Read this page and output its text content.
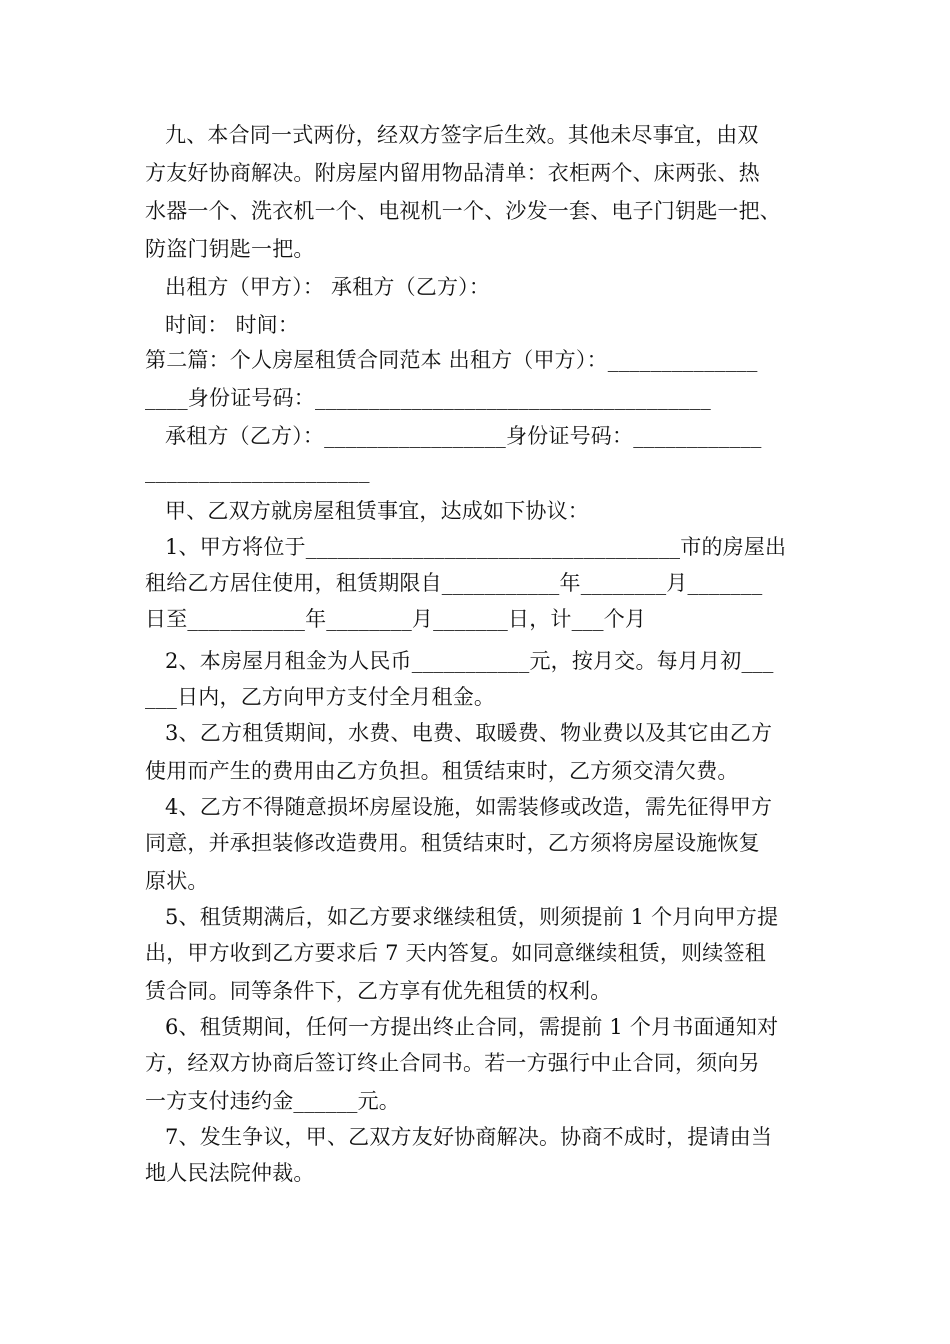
九、本合同一式两份，经双方签字后生效。其他未尽事宜，由双
方友好协商解决。附房屋内留用物品清单：衣柜两个、床两张、热
水器一个、洗衣机一个、电视机一个、沙发一套、电子门钥匙一把、
防盗门钥匙一把。
出租方（甲方）： 承租方（乙方）：
时间： 时间：
第二篇：个人房屋租赁合同范本 出租方（甲方）：______________
____身份证号码：_____________________________________
承租方（乙方）：_________________身份证号码：____________
_____________________
甲、乙双方就房屋租赁事宜，达成如下协议：
1、甲方将位于___________________________________市的房屋出
租给乙方居住使用，租赁期限自___________年________月_______
日至___________年________月_______日，计___个月
2、本房屋月租金为人民币___________元，按月交。每月月初___
___日内，乙方向甲方支付全月租金。
3、乙方租赁期间，水费、电费、取暖费、物业费以及其它由乙方
使用而产生的费用由乙方负担。租赁结束时，乙方须交清欠费。
4、乙方不得随意损坏房屋设施，如需装修或改造，需先征得甲方
同意，并承担装修改造费用。租赁结束时，乙方须将房屋设施恢复
原状。
5、租赁期满后，如乙方要求继续租赁，则须提前 1 个月向甲方提
出，甲方收到乙方要求后 7 天内答复。如同意继续租赁，则续签租
赁合同。同等条件下，乙方享有优先租赁的权利。
6、租赁期间，任何一方提出终止合同，需提前 1 个月书面通知对
方，经双方协商后签订终止合同书。若一方强行中止合同，须向另
一方支付违约金______元。
7、发生争议，甲、乙双方友好协商解决。协商不成时，提请由当
地人民法院仲裁。
